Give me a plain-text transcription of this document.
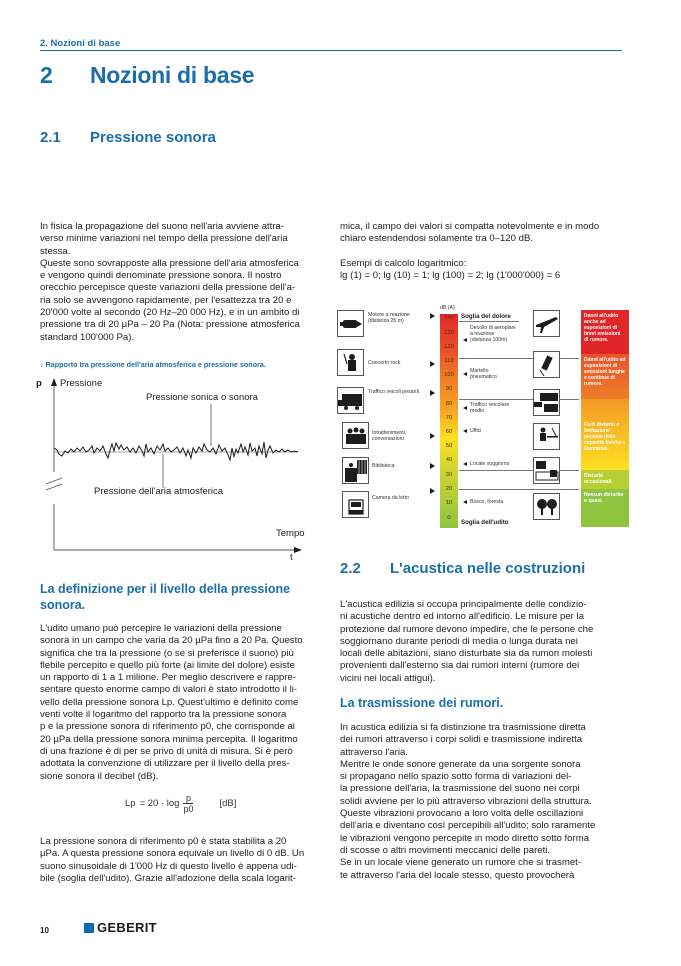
2. Nozioni di base
2 Nozioni di base
2.1 Pressione sonora

In fisica la propagazione del suono nell'aria avviene attra-

verso minime variazioni nel tempo della pressione dell'aria

stessa.

Queste sono sovrapposte alla pressione dell'aria atmosferica

e vengono quindi denominate pressione sonora. Il nostro

orecchio percepisce queste variazioni della pressione dell'a-

ria solo se avvengono rapidamente, per l'esattezza tra 20 e

20'000 volte al secondo (20 Hz–20 000 Hz), e in un ambito di

pressione tra di 20 µPa – 20 Pa (Nota: pressione atmosferica

standard 100'000 Pa).

↓ Rapporto tra pressione dell'aria atmosferica e pressione sonora.
p Pressione
Pressione sonica o sonora
Pressione dell'aria atmosferica
Tempo
t
La definizione per il livello della pressione sonora.

L'udito umano può percepire le variazioni della pressione

sonora in un campo che varia da 20 µPa fino a 20 Pa. Questo

significa che tra la pressione (o se si preferisce il suono) più

flebile percepito e quello più forte (ai limite del dolore) esiste

un rapporto di 1 a 1 milione. Per meglio descrivere e rappre-

sentare questo enorme campo di valori è stato introdotto il li-

vello della pressione sonora Lp. Quest'ultimo è definito come

venti volte il logaritmo del rapporto tra la pressione sonora

p e la pressione sonora di riferimento p0, che corrisponde ai

20 µPa della pressione sonora minima percepita. Il logaritmo

di una frazione è di per se privo di unità di misura. Si è però

adottata la convenzione di utilizzare per il livello della pres-

sione sonora il decibel (dB).

$Lp = 20 \cdot \log \frac{p}{p0}$	[dB]

La pressione sonora di riferimento p0 è stata stabilita a 20

µPa. A questa pressione sonora equivale un livello di 0 dB. Un

suono sinusoidale di 1'000 Hz di questo livello è appena udi-

bile (soglia dell'udito). Grazie all'adozione della scala logarit-

mica, il campo dei valori si compatta notevolmente e in modo

chiaro estendendosi solamente tra 0–120 dB.

Esempi di calcolo logaritmico:

lg (1) = 0; lg (10) = 1; lg (100) = 2; lg (1'000'000) = 6

dB (A)
Motore a reazione (distanza 25 m)
Concerto rock
Traffico veicoli pesanti
Intrattenimenti, conversazioni
Biblioteca
Camera da letto
140
130
120
110
100
90
80
70
60
50
40
30
20
10
0
Soglia del dolore
Decollo di aeroplani a reazione (distanza 100m)
Martello pneumatico
Traffico veicolare medio
Uffici
Locale soggiorno
Bosco, foresta
Soglia dell'udito
Danni all'udito anche ad esposizioni di brevi emissioni di rumore.
Danni all'udito ad esposizioni di emissioni lunghe e continue di rumore.
Forti disturbi o limitazione parziale delle capacità fisiche e lavorative.
Disturbi occasionali.
Nessun disturbo o quasi.
2.2 L'acustica nelle costruzioni

L'acustica edilizia si occupa principalmente delle condizio-

ni acustiche dentro ed intorno all'edificio. Le misure per la

protezione dal rumore devono impedire, che le persone che

soggiornano durante periodi di media o lunga durata nei

locali delle abitazioni, siano disturbate sia da rumori molesti

provenienti dall'esterno sia dai rumori interni (rumore dei

vicini nei locali attigui).

La trasmissione dei rumori.

In acustica edilizia si fa distinzione tra trasmissione diretta

dei rumori attraverso i corpi solidi e trasmissione indiretta

attraverso l'aria.

Mentre le onde sonore generate da una sorgente sonora

si propagano nello spazio sotto forma di variazioni del-

la pressione dell'aria, la trasmissione del suono nei corpi

solidi avviene per lo più attraverso vibrazioni della struttura.

Queste vibrazioni provocano a loro volta delle oscillazioni

dell'aria e diventano così percepibili all'udito; solo raramente

le vibrazioni vengono percepite in modo diretto sotto forma

di scosse o altri movimenti meccanici delle pareti.

Se in un locale viene generato un rumore che si trasmet-

te attraverso l'aria del locale stesso, questo provocherà

10	GEBERIT
